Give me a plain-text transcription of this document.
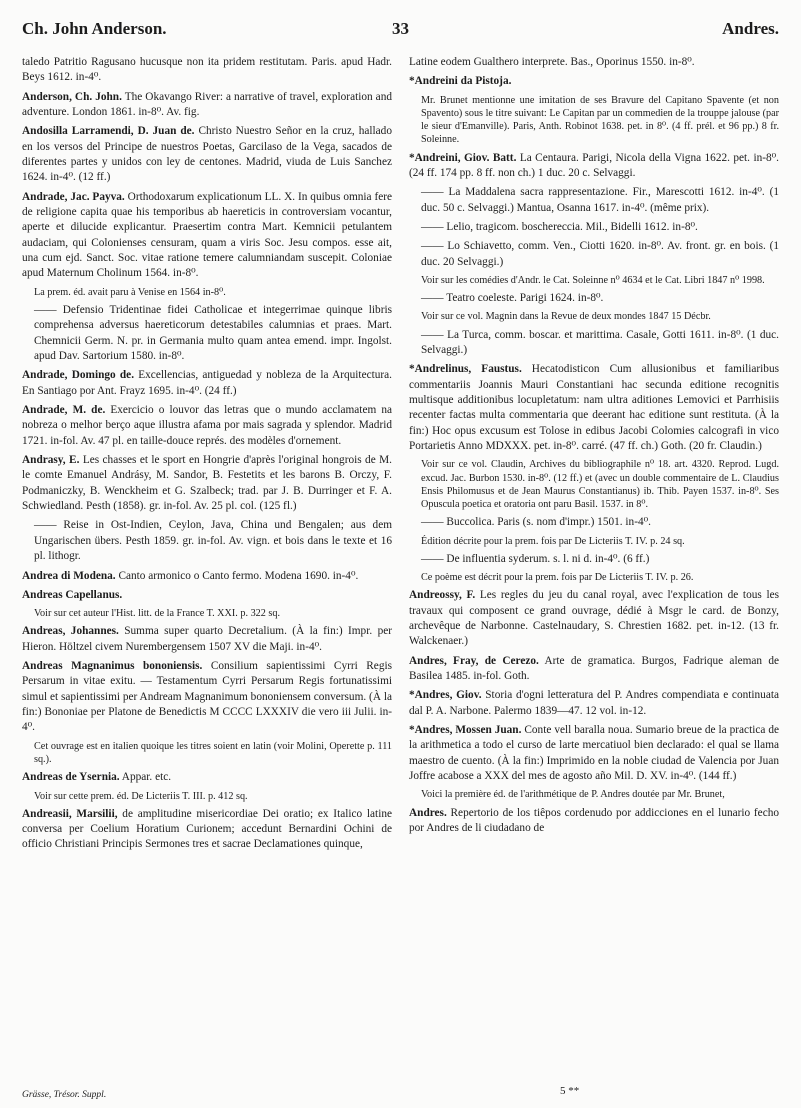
Ch. John Anderson.	33	Andres.

taledo Patritio Ragusano hucusque non ita pridem restitutam. Paris. apud Hadr. Beys 1612. in-4⁰.

Anderson, Ch. John. The Okavango River: a narrative of travel, exploration and adventure. London 1861. in-8⁰. Av. fig.

Andosilla Larramendi, D. Juan de. Christo Nuestro Señor en la cruz, hallado en los versos del Principe de nuestros Poetas, Garcilaso de la Vega, sacados de diferentes partes y unidos con ley de centones. Madrid, viuda de Luis Sanchez 1624. in-4⁰. (12 ff.)

Andrade, Jac. Payva. Orthodoxarum explicationum LL. X. In quibus omnia fere de religione capita quae his temporibus ab haereticis in controversiam vocantur, aperte et dilucide explicantur. Praesertim contra Mart. Kemnicii petulantem audaciam, qui Colonienses censuram, quam a viris Soc. Jesu compos. esse ait, una cum ejd. Sanct. Soc. vitae ratione temere calumniandam suscepit. Coloniae apud Maternum Cholinum 1564. in-8⁰.

La prem. éd. avait paru à Venise en 1564 in-8⁰.

—— Defensio Tridentinae fidei Catholicae et integerrimae quinque libris comprehensa adversus haereticorum detestabiles calumnias et praes. Mart. Chemnicii Germ. N. pr. in Germania multo quam antea emend. impr. Ingolst. apud Dav. Sartorium 1580. in-8⁰.

Andrade, Domingo de. Excellencias, antiguedad y nobleza de la Arquitectura. En Santiago por Ant. Frayz 1695. in-4⁰. (24 ff.)

Andrade, M. de. Exercicio o louvor das letras que o mundo acclamatem na nobreza o melhor berço aque illustra afama por mais sagrada y splendor. Madrid 1721. in-fol. Av. 47 pl. en taille-douce représ. des modèles d'ornement.

Andrasy, E. Les chasses et le sport en Hongrie d'après l'original hongrois de M. le comte Emanuel Andrásy, M. Sandor, B. Festetits et les barons B. Orczy, F. Podmaniczky, B. Wenckheim et G. Szalbeck; trad. par J. B. Durringer et F. A. Schwiedland. Pesth (1858). gr. in-fol. Av. 25 pl. col. (125 fl.)

—— Reise in Ost-Indien, Ceylon, Java, China und Bengalen; aus dem Ungarischen übers. Pesth 1859. gr. in-fol. Av. vign. et bois dans le texte et 16 pl. lithogr.

Andrea di Modena. Canto armonico o Canto fermo. Modena 1690. in-4⁰.

Andreas Capellanus.

Voir sur cet auteur l'Hist. litt. de la France T. XXI. p. 322 sq.

Andreas, Johannes. Summa super quarto Decretalium. (À la fin:) Impr. per Hieron. Höltzel civem Nurembergensem 1507 XV die Maji. in-4⁰.

Andreas Magnanimus bononiensis. Consilium sapientissimi Cyrri Regis Persarum in vitae exitu. — Testamentum Cyrri Persarum Regis fortunatissimi simul et sapientissimi per Andream Magnanimum bononiensem conversum. (À la fin:) Bononiae per Platone de Benedictis M CCCC LXXXIV die vero iii Julii. in-4⁰.

Cet ouvrage est en italien quoique les titres soient en latin (voir Molini, Operette p. 111 sq.).

Andreas de Ysernia. Appar. etc.

Voir sur cette prem. éd. De Licteriis T. III. p. 412 sq.

Andreasii, Marsilii, de amplitudine misericordiae Dei oratio; ex Italico latine conversa per Coelium Horatium Curionem; accedunt Bernardini Ochini de officio Christiani Principis Sermones tres et sacrae Declamationes quinque,

Latine eodem Gualthero interprete. Bas., Oporinus 1550. in-8⁰.

*Andreini da Pistoja.

Mr. Brunet mentionne une imitation de ses Bravure del Capitano Spavente (et non Spavento) sous le titre suivant: Le Capitan par un commedien de la trouppe jalouse (par le sieur d'Emanville). Paris, Anth. Robinot 1638. pet. in 8⁰. (4 ff. prél. et 96 pp.) 8 fr. Soleinne.

*Andreini, Giov. Batt. La Centaura. Parigi, Nicola della Vigna 1622. pet. in-8⁰. (24 ff. 174 pp. 8 ff. non ch.) 1 duc. 20 c. Selvaggi.

—— La Maddalena sacra rappresentazione. Fir., Marescotti 1612. in-4⁰. (1 duc. 50 c. Selvaggi.) Mantua, Osanna 1617. in-4⁰. (même prix).

—— Lelio, tragicom. boschereccia. Mil., Bidelli 1612. in-8⁰.

—— Lo Schiavetto, comm. Ven., Ciotti 1620. in-8⁰. Av. front. gr. en bois. (1 duc. 20 Selvaggi.)

Voir sur les comédies d'Andr. le Cat. Soleinne n⁰ 4634 et le Cat. Libri 1847 n⁰ 1998.

—— Teatro coeleste. Parigi 1624. in-8⁰.

Voir sur ce vol. Magnin dans la Revue de deux mondes 1847 15 Décbr.

—— La Turca, comm. boscar. et marittima. Casale, Gotti 1611. in-8⁰. (1 duc. Selvaggi.)

*Andrelinus, Faustus. Hecatodisticon Cum allusionibus et familiaribus commentariis Joannis Mauri Constantiani hac secunda editione recognitis multisque additionibus locupletatum: nam ultra aditiones Lemovici et Parrhisiis recenter factas multa commentaria que deerant hac editione sunt restituta. (À la fin:) Hoc opus excusum est Tolose in edibus Jacobi Colomies calcografi in vico Portarietis Anno MDXXX. pet. in-8⁰. carré. (47 ff. ch.) Goth. (20 fr. Claudin.)

Voir sur ce vol. Claudin, Archives du bibliographile n⁰ 18. art. 4320. Reprod. Lugd. excud. Jac. Burbon 1530. in-8⁰. (12 ff.) et (avec un double commentaire de L. Claudius Ensis Philomusus et de Jean Maurus Constantianus) ib. Thib. Payen 1537. in-8⁰. Ses Opuscula poetica et oratoria ont paru Basil. 1537. in 8⁰.

—— Buccolica. Paris (s. nom d'impr.) 1501. in-4⁰.

Édition décrite pour la prem. fois par De Licteriis T. IV. p. 24 sq.

—— De influentia syderum. s. l. ni d. in-4⁰. (6 ff.)

Ce poème est décrit pour la prem. fois par De Licteriis T. IV. p. 26.

Andreossy, F. Les regles du jeu du canal royal, avec l'explication de tous les travaux qui composent ce grand ouvrage, dédié à Msgr le card. de Bonzy, archevêque de Narbonne. Castelnaudary, S. Chrestien 1682. pet. in-12. (13 fr. Walckenaer.)

Andres, Fray, de Cerezo. Arte de gramatica. Burgos, Fadrique aleman de Basilea 1485. in-fol. Goth.

*Andres, Giov. Storia d'ogni letteratura del P. Andres compendiata e continuata dal P. A. Narbone. Palermo 1839—47. 12 vol. in-12.

*Andres, Mossen Juan. Conte vell baralla noua. Sumario breue de la practica de la arithmetica a todo el curso de larte mercatiuol bien declarado: el qual se llama maestro de cuento. (À la fin:) Imprimido en la noble ciudad de Valencia por Juan Joffre acabose a XXX del mes de agosto año Mil. D. XV. in-4⁰. (144 ff.)

Voici la première éd. de l'arithmétique de P. Andres doutée par Mr. Brunet,

Andres. Repertorio de los tiêpos cordenudo por addicciones en el lunario fecho por Andres de li ciudadano de

Grässe, Trésor. Suppl.	5 **
